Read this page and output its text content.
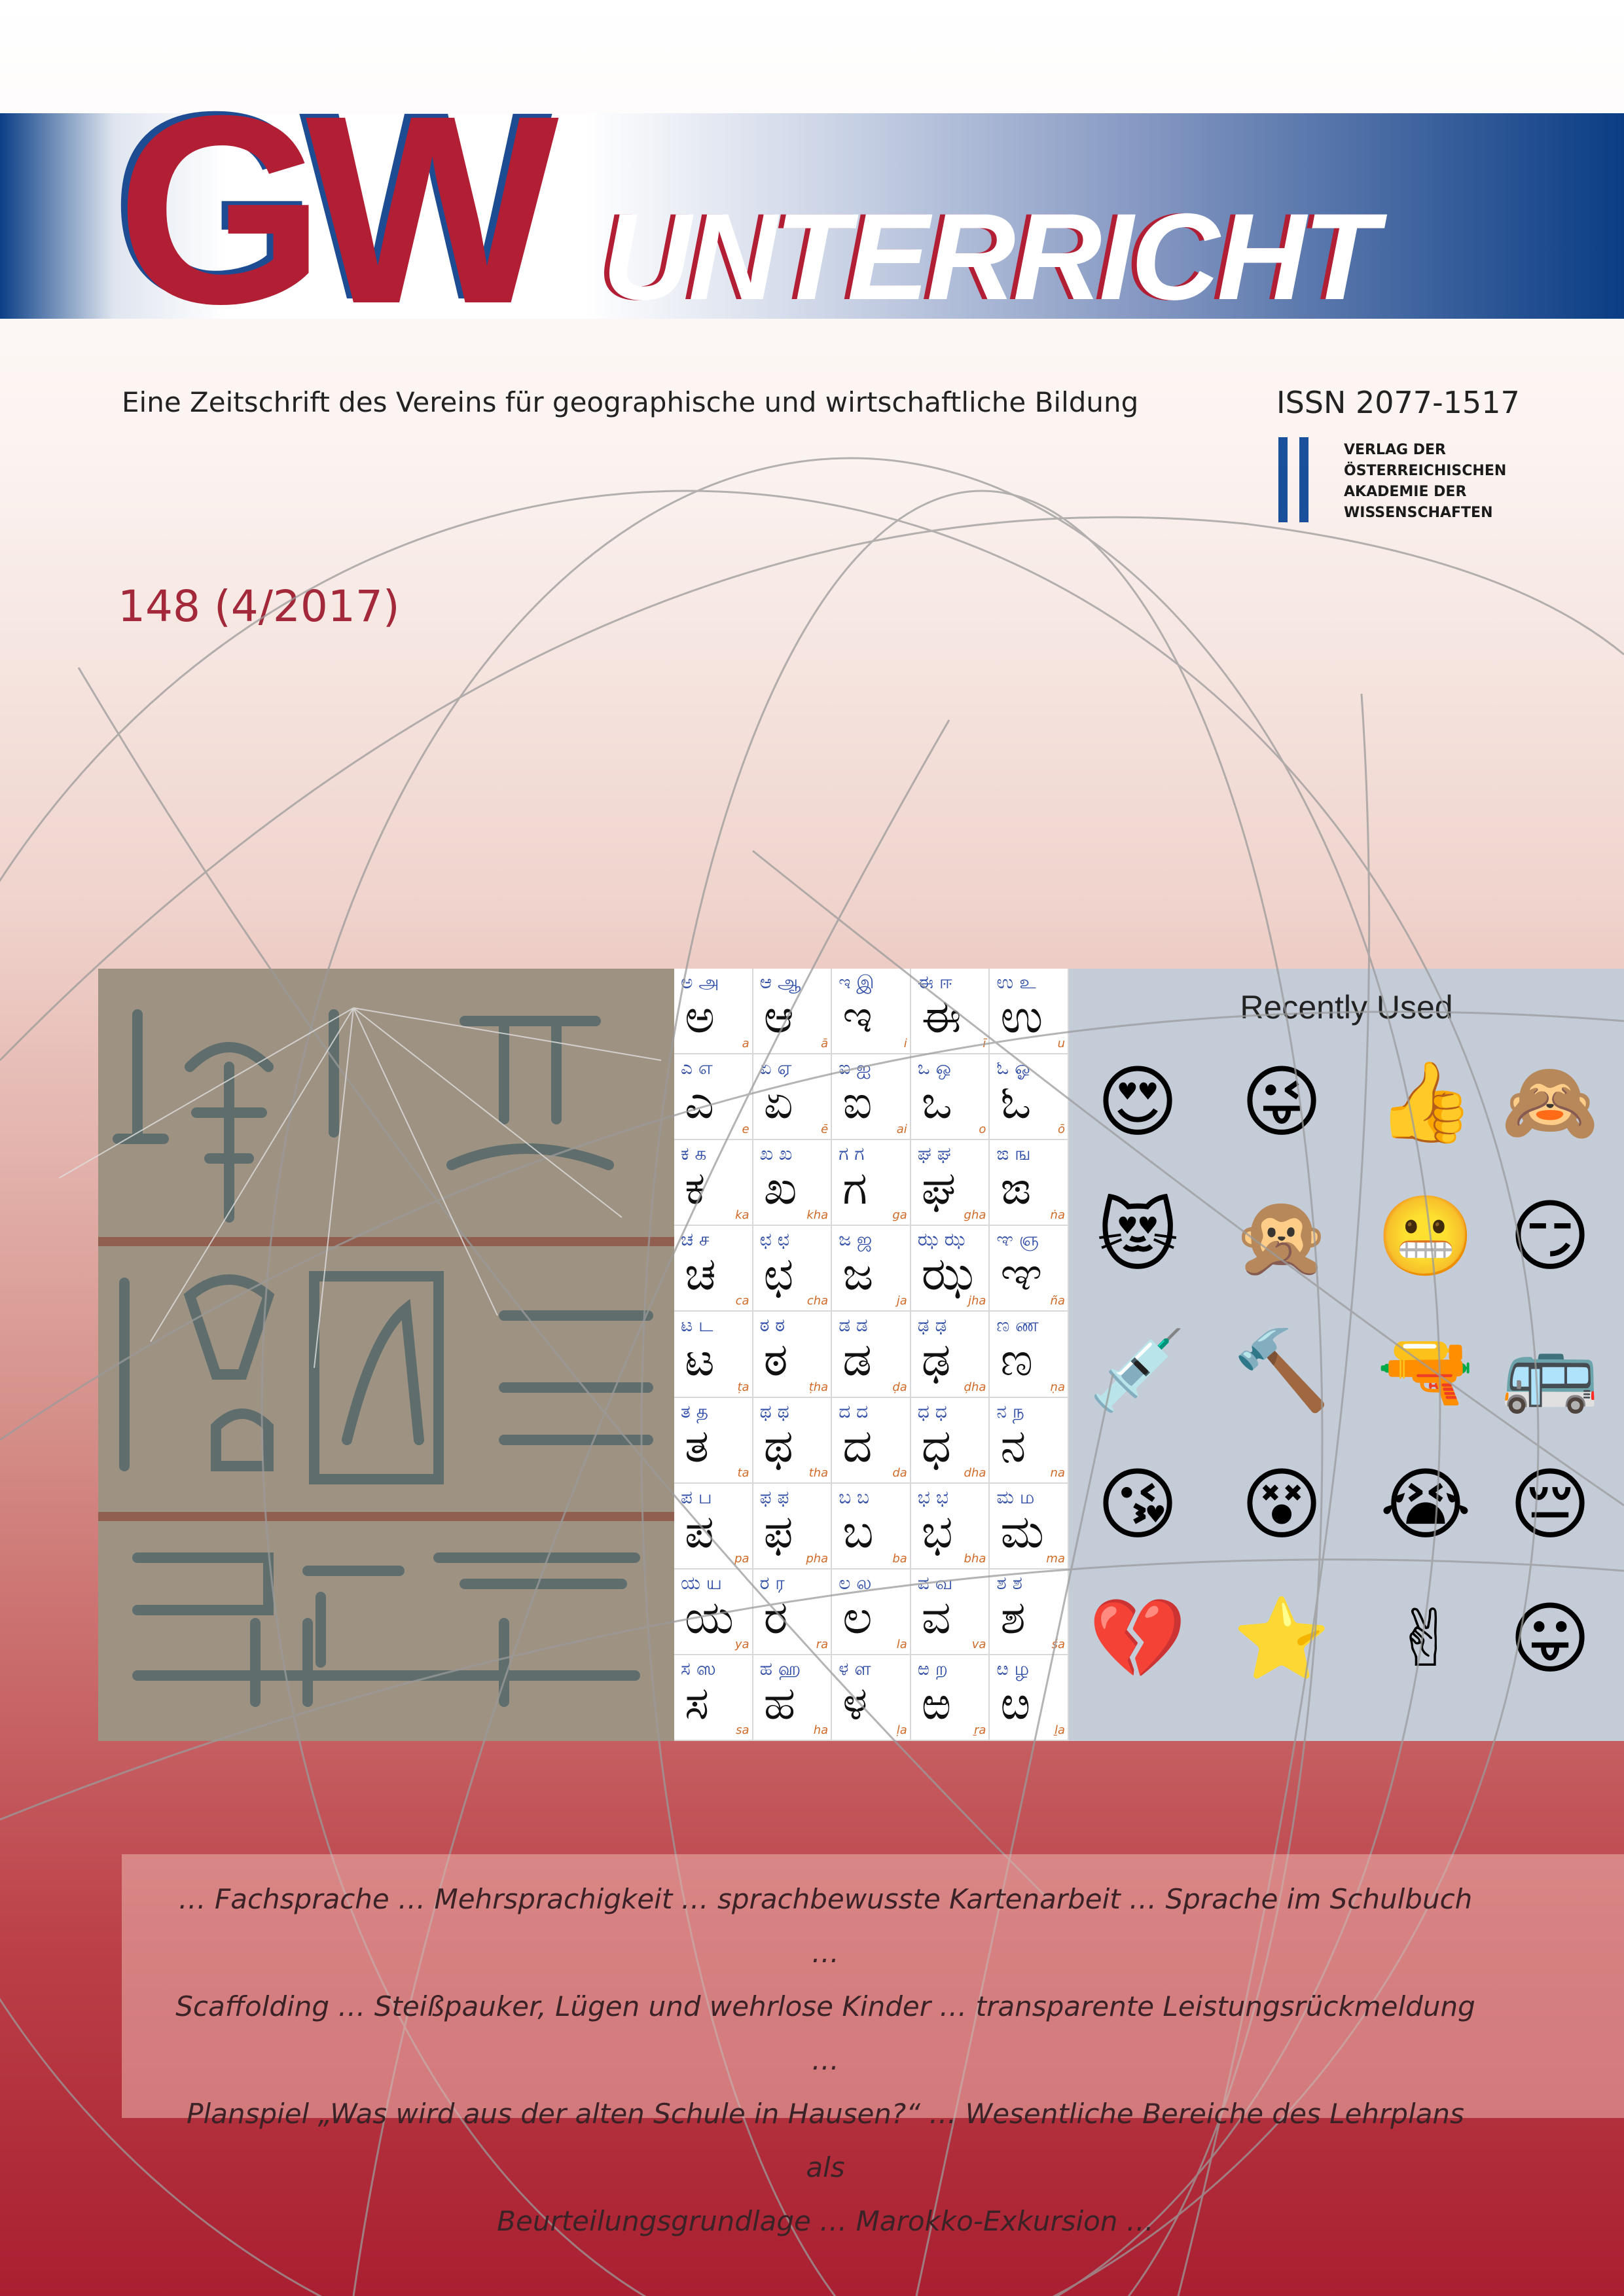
GW UNTERRICHT
Eine Zeitschrift des Vereins für geographische und wirtschaftliche Bildung	ISSN 2077-1517
VERLAG DER
ÖSTERREICHISCHEN
AKADEMIE DER
WISSENSCHAFTEN
148 (4/2017)
ಅ அ
ಅ
a
ಆ ஆ
ಆ
ā
ಇ இ
ಇ
i
ಈ ஈ
ಈ
ī
ಉ உ
ಉ
u
ಎ எ
ಎ
e
ಏ ஏ
ಏ
ē
ಐ ஐ
ಐ
ai
ಒ ஒ
ಒ
o
ಓ ஓ
ಓ
ō
ಕ க
ಕ
ka
ಖ ಖ
ಖ
kha
ಗ ಗ
ಗ
ga
ಘ ಘ
ಘ
gha
ಙ ங
ಙ
ṅa
ಚ ச
ಚ
ca
ಛ ಛ
ಛ
cha
ಜ ஜ
ಜ
ja
ಝ ಝ
ಝ
jha
ಞ ஞ
ಞ
ña
ಟ ட
ಟ
ṭa
ಠ ಠ
ಠ
ṭha
ಡ ಡ
ಡ
ḍa
ಢ ಢ
ಢ
ḍha
ಣ ண
ಣ
ṇa
ತ த
ತ
ta
ಥ ಥ
ಥ
tha
ದ ದ
ದ
da
ಧ ಧ
ಧ
dha
ನ ந
ನ
na
ಪ ப
ಪ
pa
ಫ ಫ
ಫ
pha
ಬ ಬ
ಬ
ba
ಭ ಭ
ಭ
bha
ಮ ம
ಮ
ma
ಯ ய
ಯ
ya
ರ ர
ರ
ra
ಲ ல
ಲ
la
ವ வ
ವ
va
ಶ ಶ
ಶ
śa
ಸ ஸ
ಸ
sa
ಹ ஹ
ಹ
ha
ಳ ள
ಳ
ḷa
ಱ ற
ಱ
ṟa
ೞ ழ
ೞ
ḻa
Recently Used
😍 😜 👍 🙈
😻 🙊 😬 😏
💉 🔨 🔫 🚌
😘 😵 😭 😔
💔 ⭐ ✌ 😛

… Fachsprache … Mehrsprachigkeit … sprachbewusste Kartenarbeit … Sprache im Schulbuch …

Scaffolding … Steißpauker, Lügen und wehrlose Kinder … transparente Leistungsrückmeldung …

Planspiel „Was wird aus der alten Schule in Hausen?“ … Wesentliche Bereiche des Lehrplans als

Beurteilungsgrundlage … Marokko-Exkursion …
